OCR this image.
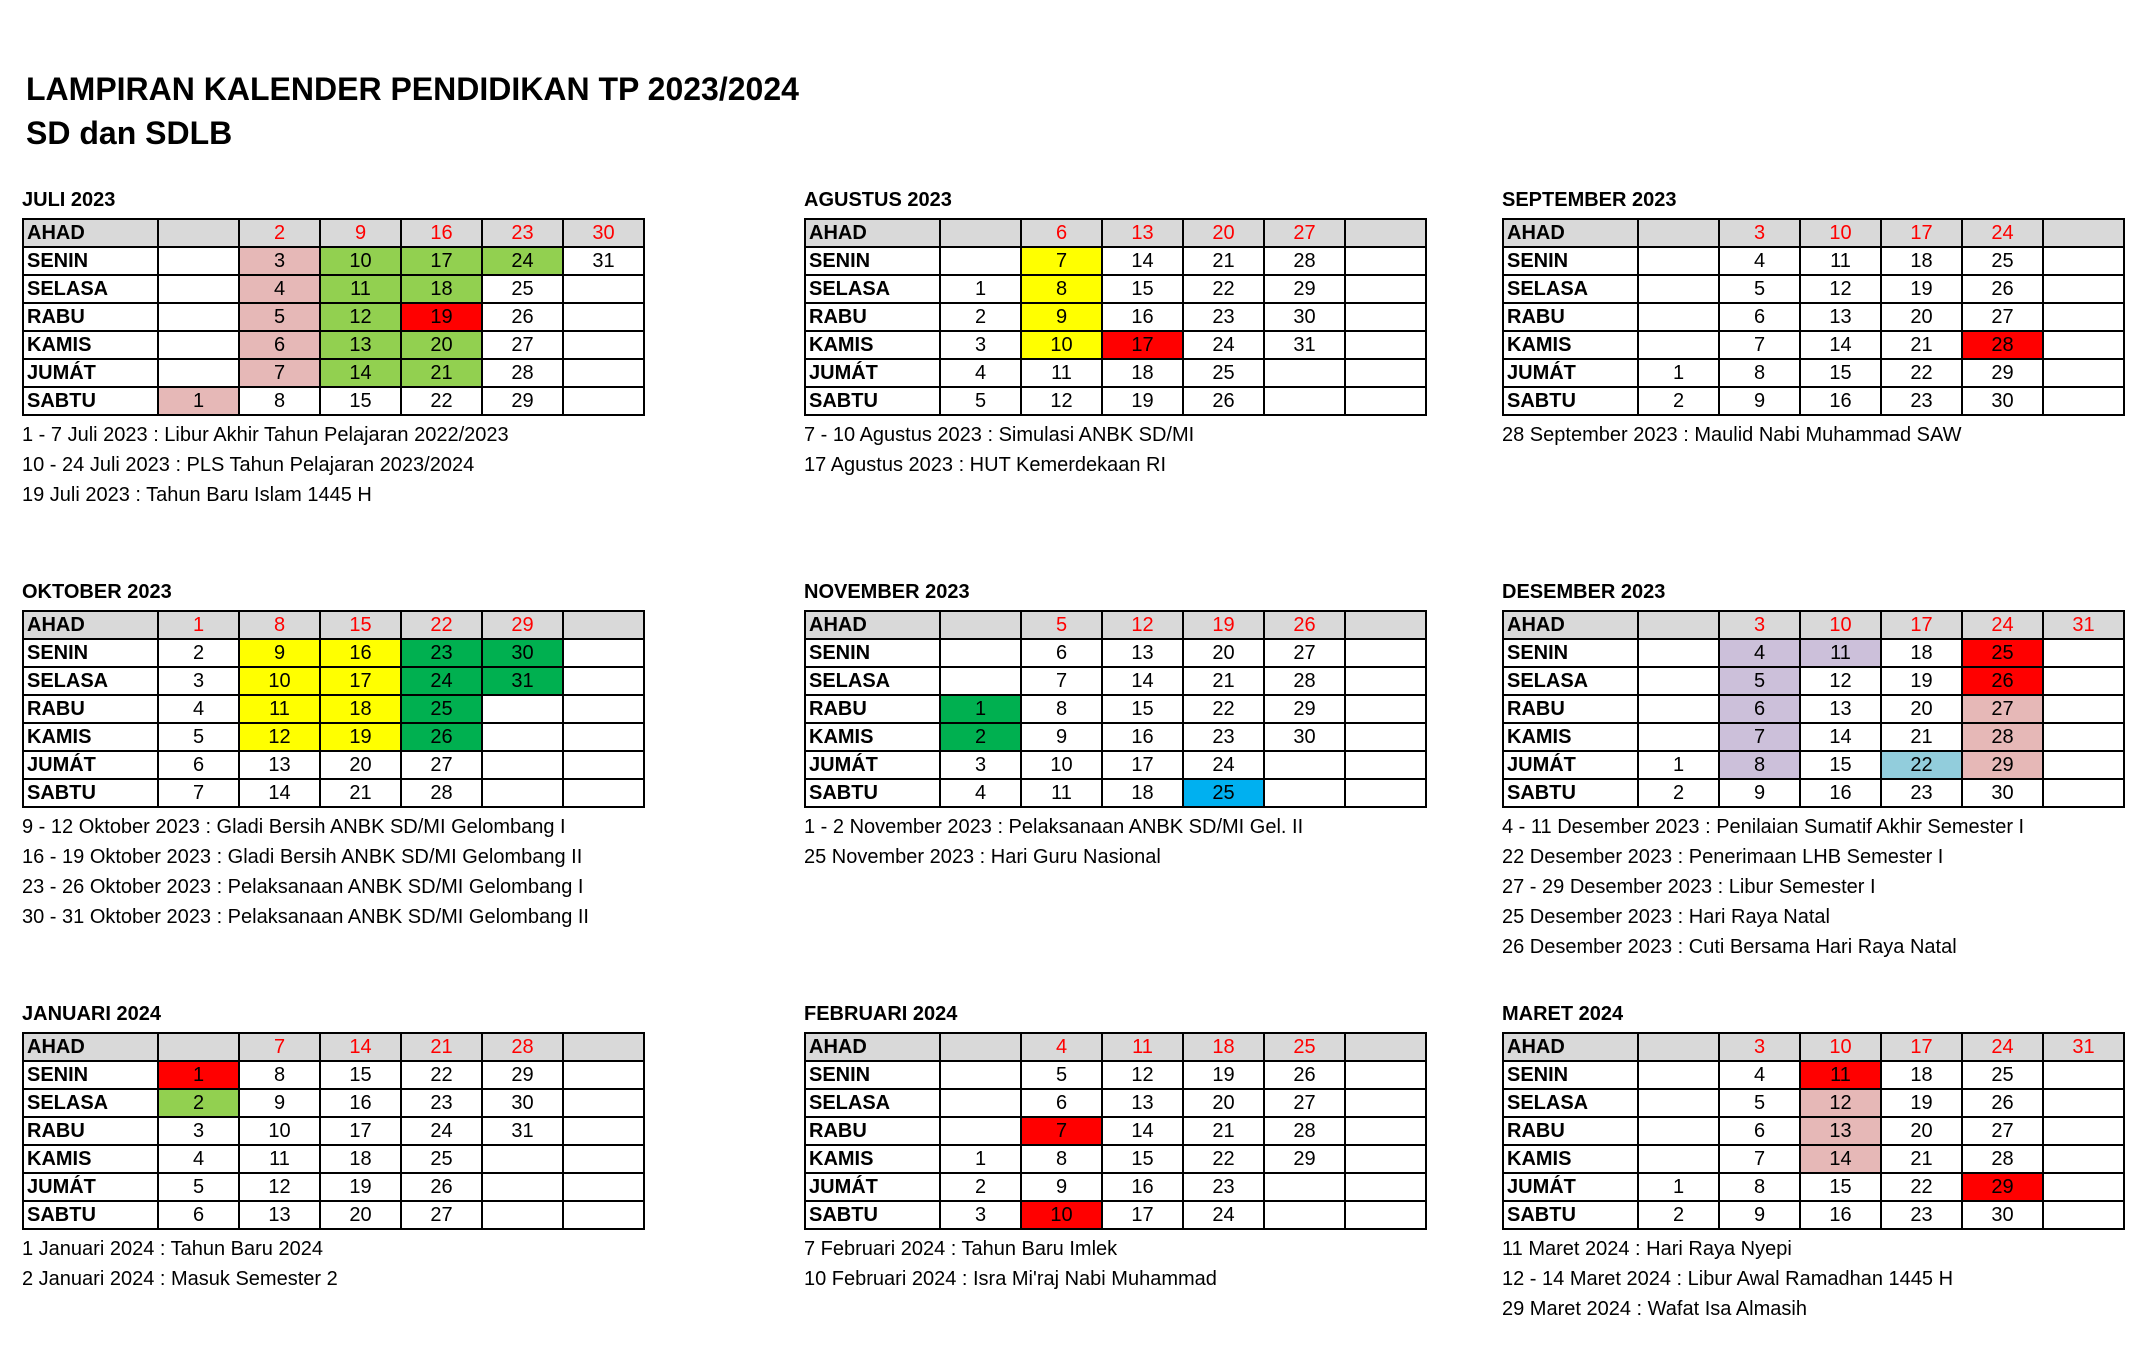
LAMPIRAN KALENDER PENDIDIKAN TP 2023/2024
SD dan SDLB
JULI 2023
AHAD		2	9	16	23	30
SENIN		3	10	17	24	31
SELASA		4	11	18	25	
RABU		5	12	19	26	
KAMIS		6	13	20	27	
JUMÁT		7	14	21	28	
SABTU	1	8	15	22	29	
1 - 7 Juli 2023 : Libur Akhir Tahun Pelajaran 2022/2023
10 - 24 Juli 2023 : PLS Tahun Pelajaran 2023/2024
19 Juli 2023 : Tahun Baru Islam 1445 H
AGUSTUS 2023
AHAD		6	13	20	27	
SENIN		7	14	21	28	
SELASA	1	8	15	22	29	
RABU	2	9	16	23	30	
KAMIS	3	10	17	24	31	
JUMÁT	4	11	18	25		
SABTU	5	12	19	26		
7 - 10 Agustus 2023 : Simulasi ANBK SD/MI
17 Agustus 2023 : HUT Kemerdekaan RI
SEPTEMBER 2023
AHAD		3	10	17	24	
SENIN		4	11	18	25	
SELASA		5	12	19	26	
RABU		6	13	20	27	
KAMIS		7	14	21	28	
JUMÁT	1	8	15	22	29	
SABTU	2	9	16	23	30	
28 September 2023 : Maulid Nabi Muhammad SAW
OKTOBER 2023
AHAD	1	8	15	22	29	
SENIN	2	9	16	23	30	
SELASA	3	10	17	24	31	
RABU	4	11	18	25		
KAMIS	5	12	19	26		
JUMÁT	6	13	20	27		
SABTU	7	14	21	28		
9 - 12 Oktober 2023 : Gladi Bersih ANBK SD/MI Gelombang I
16 - 19 Oktober 2023 : Gladi Bersih ANBK SD/MI Gelombang II
23 - 26 Oktober 2023 : Pelaksanaan ANBK SD/MI Gelombang I
30 - 31 Oktober 2023 : Pelaksanaan ANBK SD/MI Gelombang II
NOVEMBER 2023
AHAD		5	12	19	26	
SENIN		6	13	20	27	
SELASA		7	14	21	28	
RABU	1	8	15	22	29	
KAMIS	2	9	16	23	30	
JUMÁT	3	10	17	24		
SABTU	4	11	18	25		
1 - 2 November 2023 : Pelaksanaan ANBK SD/MI Gel. II
25 November 2023 : Hari Guru Nasional
DESEMBER 2023
AHAD		3	10	17	24	31
SENIN		4	11	18	25	
SELASA		5	12	19	26	
RABU		6	13	20	27	
KAMIS		7	14	21	28	
JUMÁT	1	8	15	22	29	
SABTU	2	9	16	23	30	
4 - 11 Desember 2023 : Penilaian Sumatif Akhir Semester I
22 Desember 2023 : Penerimaan LHB Semester I
27 - 29 Desember 2023 : Libur Semester I
25 Desember 2023 : Hari Raya Natal
26 Desember 2023 : Cuti Bersama Hari Raya Natal
JANUARI 2024
AHAD		7	14	21	28	
SENIN	1	8	15	22	29	
SELASA	2	9	16	23	30	
RABU	3	10	17	24	31	
KAMIS	4	11	18	25		
JUMÁT	5	12	19	26		
SABTU	6	13	20	27		
1 Januari 2024 : Tahun Baru 2024
2 Januari 2024 : Masuk Semester 2
FEBRUARI 2024
AHAD		4	11	18	25	
SENIN		5	12	19	26	
SELASA		6	13	20	27	
RABU		7	14	21	28	
KAMIS	1	8	15	22	29	
JUMÁT	2	9	16	23		
SABTU	3	10	17	24		
7 Februari 2024 : Tahun Baru Imlek
10 Februari 2024 : Isra Mi'raj Nabi Muhammad
MARET 2024
AHAD		3	10	17	24	31
SENIN		4	11	18	25	
SELASA		5	12	19	26	
RABU		6	13	20	27	
KAMIS		7	14	21	28	
JUMÁT	1	8	15	22	29	
SABTU	2	9	16	23	30	
11 Maret 2024 : Hari Raya Nyepi
12 - 14 Maret 2024 : Libur Awal Ramadhan 1445 H
29 Maret 2024 : Wafat Isa Almasih
